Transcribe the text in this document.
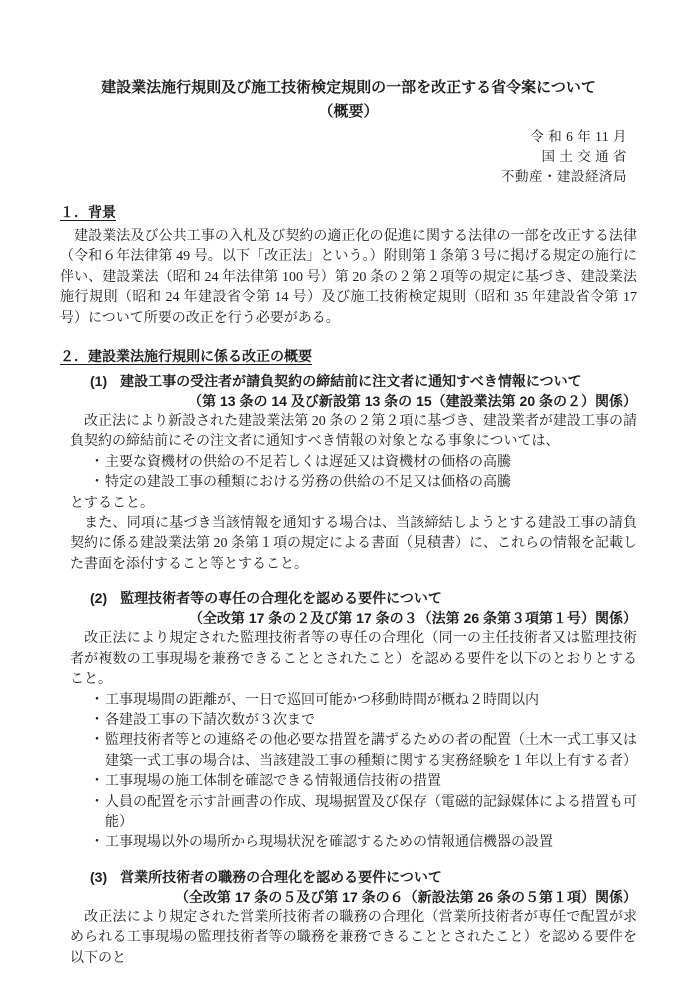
建設業法施行規則及び施工技術検定規則の一部を改正する省令案について
（概要）
令 和 6 年 11 月
国 土 交 通 省
不動産・建設経済局
１．背景

　建設業法及び公共工事の入札及び契約の適正化の促進に関する法律の一部を改正する法律（令和６年法律第 49 号。以下「改正法」という。）附則第１条第３号に掲げる規定の施行に伴い、建設業法（昭和 24 年法律第 100 号）第 20 条の２第２項等の規定に基づき、建設業法施行規則（昭和 24 年建設省令第 14 号）及び施工技術検定規則（昭和 35 年建設省令第 17 号）について所要の改正を行う必要がある。

２．建設業法施行規則に係る改正の概要
(1) 建設工事の受注者が請負契約の締結前に注文者に通知すべき情報について
（第 13 条の 14 及び新設第 13 条の 15（建設業法第 20 条の２）関係）

　改正法により新設された建設業法第 20 条の２第２項に基づき、建設業者が建設工事の請負契約の締結前にその注文者に通知すべき情報の対象となる事象については、

・ 主要な資機材の供給の不足若しくは遅延又は資機材の価格の高騰
・ 特定の建設工事の種類における労務の供給の不足又は価格の高騰

とすること。

　また、同項に基づき当該情報を通知する場合は、当該締結しようとする建設工事の請負契約に係る建設業法第 20 条第１項の規定による書面（見積書）に、これらの情報を記載した書面を添付すること等とすること。

(2) 監理技術者等の専任の合理化を認める要件について
（全改第 17 条の２及び第 17 条の３（法第 26 条第３項第１号）関係）

　改正法により規定された監理技術者等の専任の合理化（同一の主任技術者又は監理技術者が複数の工事現場を兼務できることとされたこと）を認める要件を以下のとおりとすること。

・ 工事現場間の距離が、一日で巡回可能かつ移動時間が概ね２時間以内
・ 各建設工事の下請次数が３次まで
・ 監理技術者等との連絡その他必要な措置を講ずるための者の配置（土木一式工事又は建築一式工事の場合は、当該建設工事の種類に関する実務経験を１年以上有する者）
・ 工事現場の施工体制を確認できる情報通信技術の措置
・ 人員の配置を示す計画書の作成、現場据置及び保存（電磁的記録媒体による措置も可能）
・ 工事現場以外の場所から現場状況を確認するための情報通信機器の設置
(3) 営業所技術者の職務の合理化を認める要件について
（全改第 17 条の５及び第 17 条の６（新設法第 26 条の５第１項）関係）

　改正法により規定された営業所技術者の職務の合理化（営業所技術者が専任で配置が求められる工事現場の監理技術者等の職務を兼務できることとされたこと）を認める要件を以下のと
